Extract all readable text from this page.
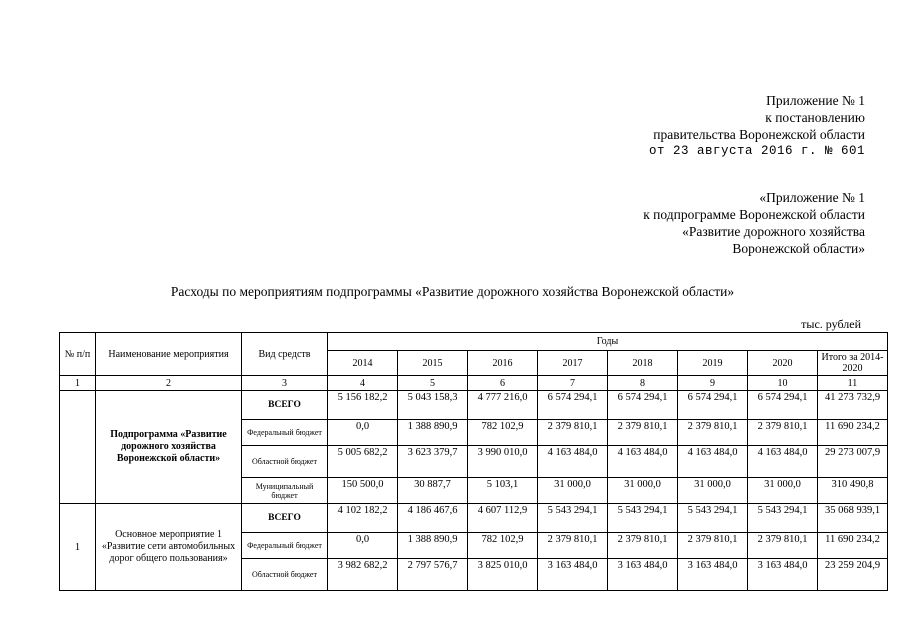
Приложение № 1
к постановлению
правительства Воронежской области
от 23 августа 2016 г. № 601
«Приложение № 1
к подпрограмме Воронежской области
«Развитие дорожного хозяйства
Воронежской области»
Расходы по мероприятиям подпрограммы «Развитие дорожного хозяйства Воронежской области»
тыс. рублей
№ п/п	Наименование мероприятия	Вид средств	Годы							
			2014	2015	2016	2017	2018	2019	2020	Итого за 2014-2020
1	2	3	4	5	6	7	8	9	10	11
	Подпрограмма «Развитие дорожного хозяйства Воронежской области»	ВСЕГО	5 156 182,2	5 043 158,3	4 777 216,0	6 574 294,1	6 574 294,1	6 574 294,1	6 574 294,1	41 273 732,9
		Федеральный бюджет	0,0	1 388 890,9	782 102,9	2 379 810,1	2 379 810,1	2 379 810,1	2 379 810,1	11 690 234,2
		Областной бюджет	5 005 682,2	3 623 379,7	3 990 010,0	4 163 484,0	4 163 484,0	4 163 484,0	4 163 484,0	29 273 007,9
		Муниципальный бюджет	150 500,0	30 887,7	5 103,1	31 000,0	31 000,0	31 000,0	31 000,0	310 490,8
1	Основное мероприятие 1 «Развитие сети автомобильных дорог общего пользования»	ВСЕГО	4 102 182,2	4 186 467,6	4 607 112,9	5 543 294,1	5 543 294,1	5 543 294,1	5 543 294,1	35 068 939,1
		Федеральный бюджет	0,0	1 388 890,9	782 102,9	2 379 810,1	2 379 810,1	2 379 810,1	2 379 810,1	11 690 234,2
		Областной бюджет	3 982 682,2	2 797 576,7	3 825 010,0	3 163 484,0	3 163 484,0	3 163 484,0	3 163 484,0	23 259 204,9
